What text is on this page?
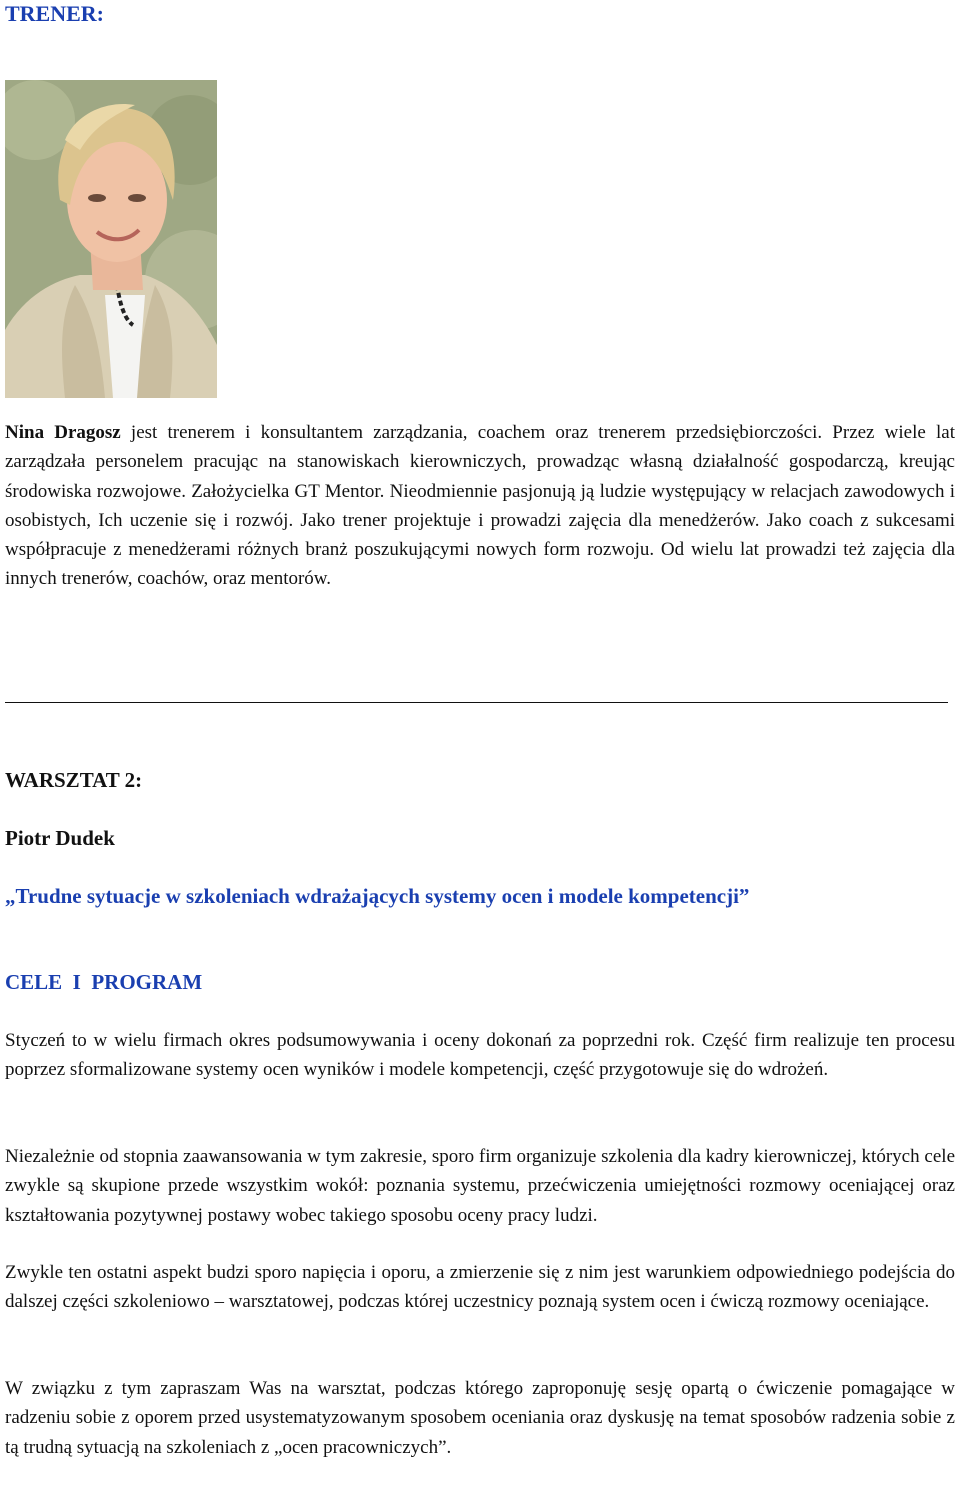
TRENER:

Nina Dragosz jest trenerem i konsultantem zarządzania, coachem oraz trenerem przedsiębiorczości. Przez wiele lat zarządzała personelem pracując na stanowiskach kierowniczych, prowadząc własną działalność gospodarczą, kreując środowiska rozwojowe. Założycielka GT Mentor. Nieodmiennie pasjonują ją ludzie występujący w relacjach zawodowych i osobistych, Ich uczenie się i rozwój. Jako trener projektuje i prowadzi zajęcia dla menedżerów. Jako coach z sukcesami współpracuje z menedżerami różnych branż poszukującymi nowych form rozwoju. Od wielu lat prowadzi też zajęcia dla innych trenerów, coachów, oraz mentorów.

WARSZTAT 2:
Piotr Dudek
„Trudne sytuacje w szkoleniach wdrażających systemy ocen i modele kompetencji”
CELE  I  PROGRAM

Styczeń to w wielu firmach okres podsumowywania i oceny dokonań za poprzedni rok. Część firm realizuje ten procesu poprzez sformalizowane systemy ocen wyników i modele kompetencji, część przygotowuje się do wdrożeń.

Niezależnie od stopnia zaawansowania w tym zakresie, sporo firm organizuje szkolenia dla kadry kierowniczej, których cele zwykle są skupione przede wszystkim wokół: poznania systemu, przećwiczenia umiejętności rozmowy oceniającej oraz kształtowania pozytywnej postawy wobec takiego sposobu oceny pracy ludzi.

Zwykle ten ostatni aspekt budzi sporo napięcia i oporu, a zmierzenie się z nim jest warunkiem odpowiedniego podejścia do dalszej części szkoleniowo – warsztatowej, podczas której uczestnicy poznają system ocen i ćwiczą rozmowy oceniające.

W związku z tym zapraszam Was na warsztat, podczas którego zaproponuję sesję opartą o ćwiczenie pomagające w radzeniu sobie z oporem przed usystematyzowanym sposobem oceniania oraz dyskusję na temat sposobów radzenia sobie z tą trudną sytuacją na szkoleniach z „ocen pracowniczych”.
